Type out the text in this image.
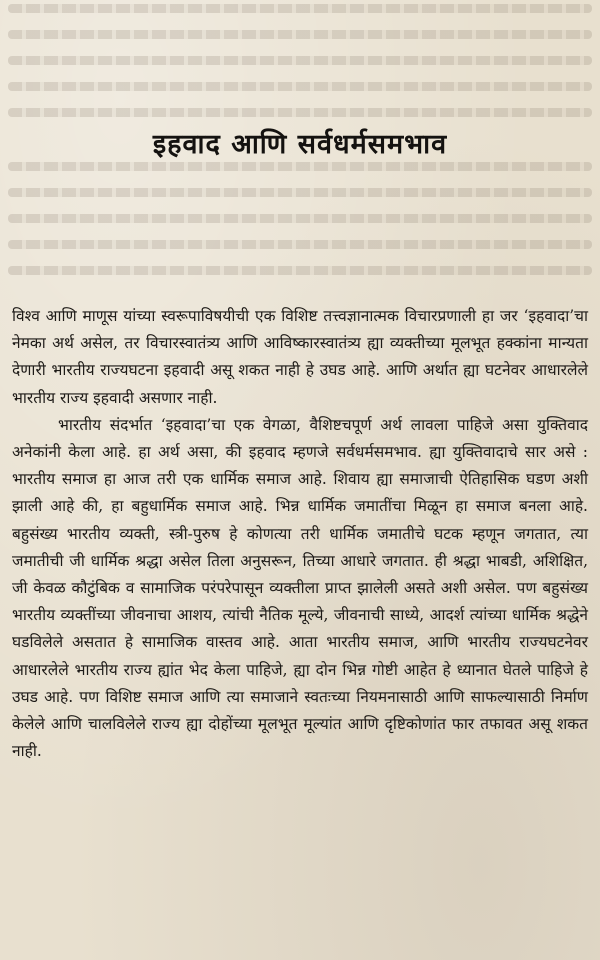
इहवाद आणि सर्वधर्मसमभाव

विश्व आणि माणूस यांच्या स्वरूपाविषयीची एक विशिष्ट तत्त्वज्ञानात्मक विचारप्रणाली हा जर ‘इहवादा’चा नेमका अर्थ असेल, तर विचारस्वातंत्र्य आणि आविष्कारस्वातंत्र्य ह्या व्यक्तीच्या मूलभूत हक्कांना मान्यता देणारी भारतीय राज्यघटना इहवादी असू शकत नाही हे उघड आहे. आणि अर्थात ह्या घटनेवर आधारलेले भारतीय राज्य इहवादी असणार नाही.

भारतीय संदर्भात ‘इहवादा’चा एक वेगळा, वैशिष्टचपूर्ण अर्थ लावला पाहिजे असा युक्तिवाद अनेकांनी केला आहे. हा अर्थ असा, की इहवाद म्हणजे सर्वधर्मसमभाव. ह्या युक्तिवादाचे सार असे : भारतीय समाज हा आज तरी एक धार्मिक समाज आहे. शिवाय ह्या समाजाची ऐतिहासिक घडण अशी झाली आहे की, हा बहुधार्मिक समाज आहे. भिन्न धार्मिक जमातींचा मिळून हा समाज बनला आहे. बहुसंख्य भारतीय व्यक्ती, स्त्री-पुरुष हे कोणत्या तरी धार्मिक जमातीचे घटक म्हणून जगतात, त्या जमातीची जी धार्मिक श्रद्धा असेल तिला अनुसरून, तिच्या आधारे जगतात. ही श्रद्धा भाबडी, अशिक्षित, जी केवळ कौटुंबिक व सामाजिक परंपरेपासून व्यक्तीला प्राप्त झालेली असते अशी असेल. पण बहुसंख्य भारतीय व्यक्तींच्या जीवनाचा आशय, त्यांची नैतिक मूल्ये, जीवनाची साध्ये, आदर्श त्यांच्या धार्मिक श्रद्धेने घडविलेले असतात हे सामाजिक वास्तव आहे. आता भारतीय समाज, आणि भारतीय राज्यघटनेवर आधारलेले भारतीय राज्य ह्यांत भेद केला पाहिजे, ह्या दोन भिन्न गोष्टी आहेत हे ध्यानात घेतले पाहिजे हे उघड आहे. पण विशिष्ट समाज आणि त्या समाजाने स्वतःच्या नियमनासाठी आणि साफल्यासाठी निर्माण केलेले आणि चालविलेले राज्य ह्या दोहोंच्या मूलभूत मूल्यांत आणि दृष्टिकोणांत फार तफावत असू शकत नाही.
